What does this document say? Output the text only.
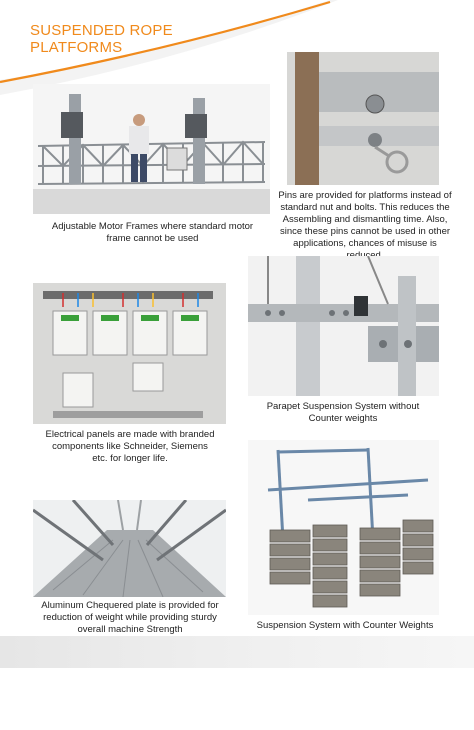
SUSPENDED ROPE
PLATFORMS
Adjustable Motor Frames where standard motor frame cannot be used
Pins are provided for platforms instead of standard nut and bolts. This reduces the Assembling and dismantling time. Also, since these pins cannot be used in other applications, chances of misuse is
Parapet Suspension System without Counter weights
Electrical panels are made with branded components like Schneider, Siemens etc. for longer life.
Aluminum Chequered plate is provided for reduction of weight while providing sturdy overall machine Strength	Suspension System with Counter Weights
